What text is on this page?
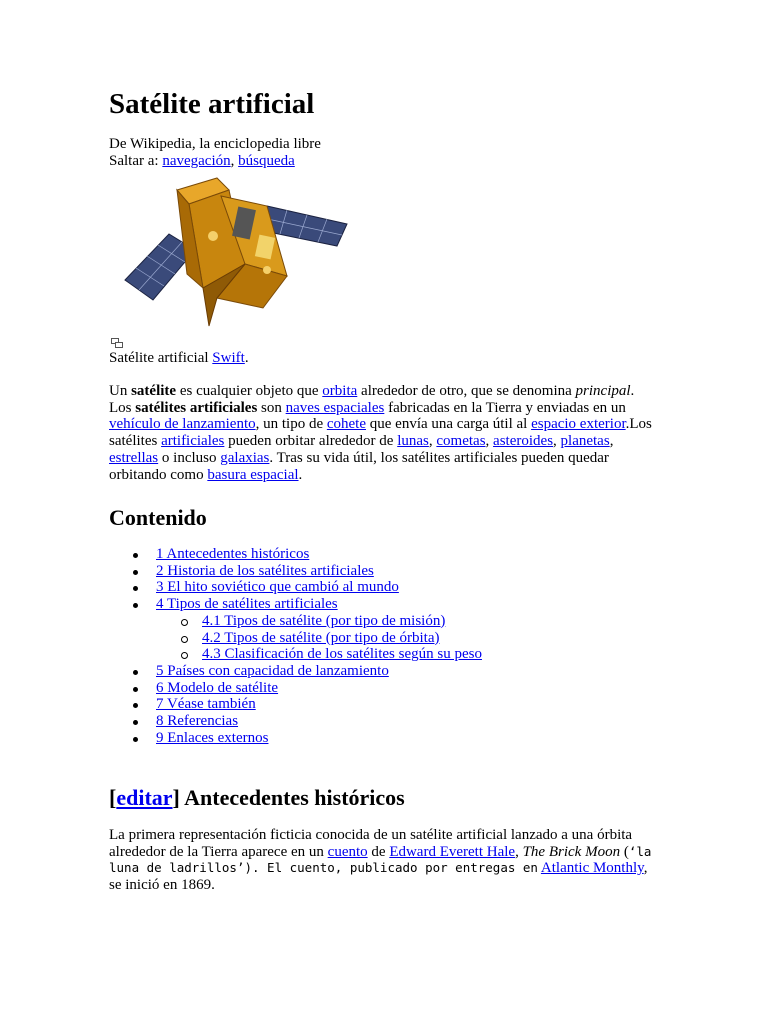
Satélite artificial
De Wikipedia, la enciclopedia libre
Saltar a: navegación, búsqueda
Satélite artificial Swift.

Un satélite es cualquier objeto que orbita alrededor de otro, que se denomina principal. Los satélites artificiales son naves espaciales fabricadas en la Tierra y enviadas en un vehículo de lanzamiento, un tipo de cohete que envía una carga útil al espacio exterior.Los satélites artificiales pueden orbitar alrededor de lunas, cometas, asteroides, planetas, estrellas o incluso galaxias. Tras su vida útil, los satélites artificiales pueden quedar orbitando como basura espacial.

Contenido
1 Antecedentes históricos
2 Historia de los satélites artificiales
3 El hito soviético que cambió al mundo
4 Tipos de satélites artificiales
4.1 Tipos de satélite (por tipo de misión)
4.2 Tipos de satélite (por tipo de órbita)
4.3 Clasificación de los satélites según su peso
5 Países con capacidad de lanzamiento
6 Modelo de satélite
7 Véase también
8 Referencias
9 Enlaces externos
[editar] Antecedentes históricos

La primera representación ficticia conocida de un satélite artificial lanzado a una órbita alrededor de la Tierra aparece en un cuento de Edward Everett Hale, The Brick Moon (‘la luna de ladrillos’). El cuento, publicado por entregas en Atlantic Monthly, se inició en 1869.
